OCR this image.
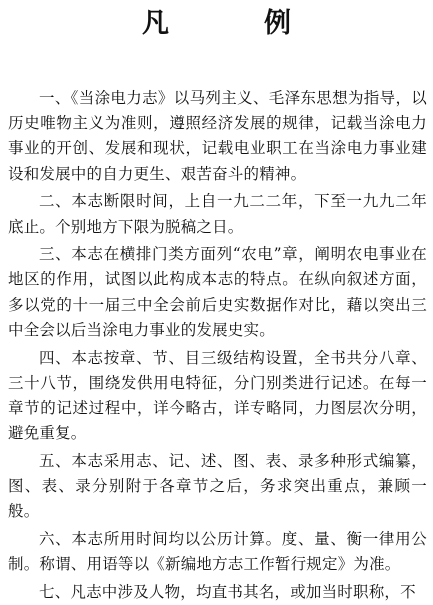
凡　例

一、《当涂电力志》以马列主义、毛泽东思想为指导，以历史唯物主义为准则，遵照经济发展的规律，记载当涂电力事业的开创、发展和现状，记载电业职工在当涂电力事业建设和发展中的自力更生、艰苦奋斗的精神。

二、本志断限时间，上自一九二二年，下至一九九二年底止。个别地方下限为脱稿之日。

三、本志在横排门类方面列“农电”章，阐明农电事业在地区的作用，试图以此构成本志的特点。在纵向叙述方面，多以党的十一届三中全会前后史实数据作对比，藉以突出三中全会以后当涂电力事业的发展史实。

四、本志按章、节、目三级结构设置，全书共分八章、三十八节，围绕发供用电特征，分门别类进行记述。在每一章节的记述过程中，详今略古，详专略同，力图层次分明，避免重复。

五、本志采用志、记、述、图、表、录多种形式编纂，图、表、录分别附于各章节之后，务求突出重点，兼顾一般。

六、本志所用时间均以公历计算。度、量、衡一律用公制。称谓、用语等以《新编地方志工作暂行规定》为准。

七、凡志中涉及人物，均直书其名，或加当时职称，不
